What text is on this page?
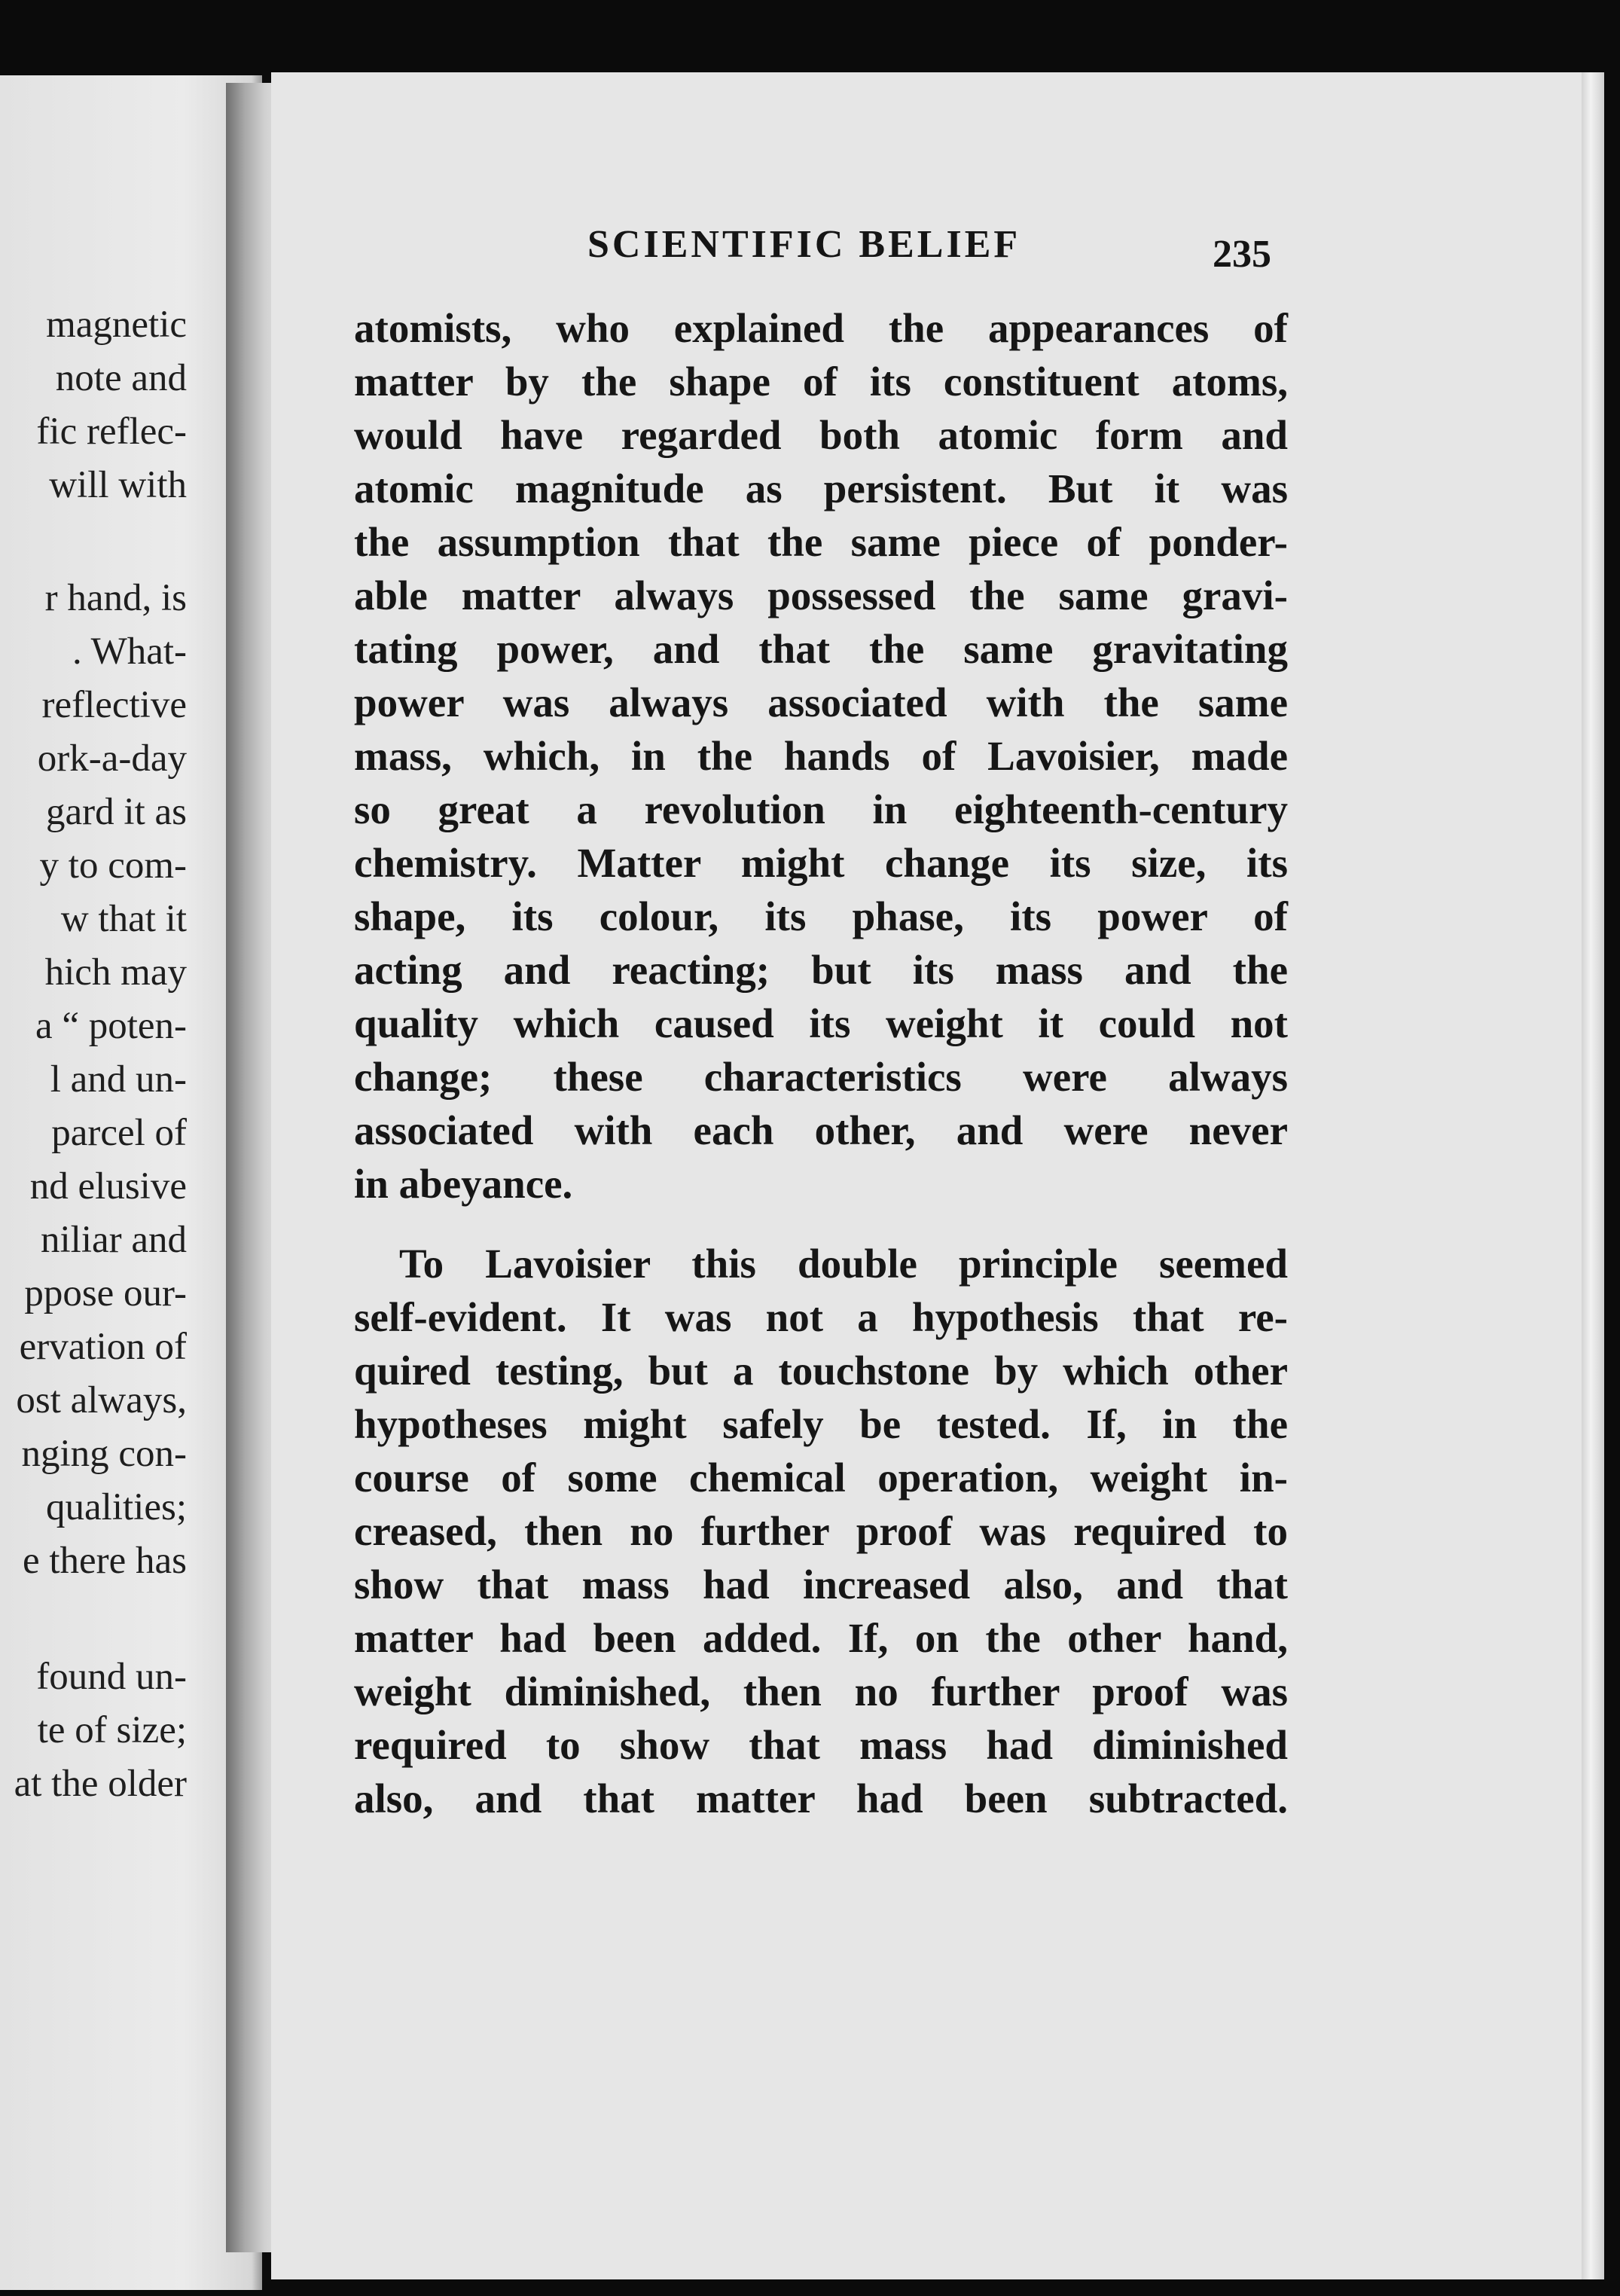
magnetic
note and
fic reflec-
will with
r hand, is
. What-
reflective
ork-a-day
gard it as
y to com-
w that it
hich may
a “ poten-
l and un-
parcel of
nd elusive
niliar and
ppose our-
ervation of
ost always,
nging con-
qualities;
e there has
found un-
te of size;
at the older
SCIENTIFIC BELIEF	235
atomists, who explained the appearances of
matter by the shape of its constituent atoms,
would have regarded both atomic form and
atomic magnitude as persistent. But it was
the assumption that the same piece of ponder-
able matter always possessed the same gravi-
tating power, and that the same gravitating
power was always associated with the same
mass, which, in the hands of Lavoisier, made
so great a revolution in eighteenth-century
chemistry. Matter might change its size, its
shape, its colour, its phase, its power of
acting and reacting; but its mass and the
quality which caused its weight it could not
change; these characteristics were always
associated with each other, and were never
in abeyance.
To Lavoisier this double principle seemed
self-evident. It was not a hypothesis that re-
quired testing, but a touchstone by which other
hypotheses might safely be tested. If, in the
course of some chemical operation, weight in-
creased, then no further proof was required to
show that mass had increased also, and that
matter had been added. If, on the other hand,
weight diminished, then no further proof was
required to show that mass had diminished
also, and that matter had been subtracted.
